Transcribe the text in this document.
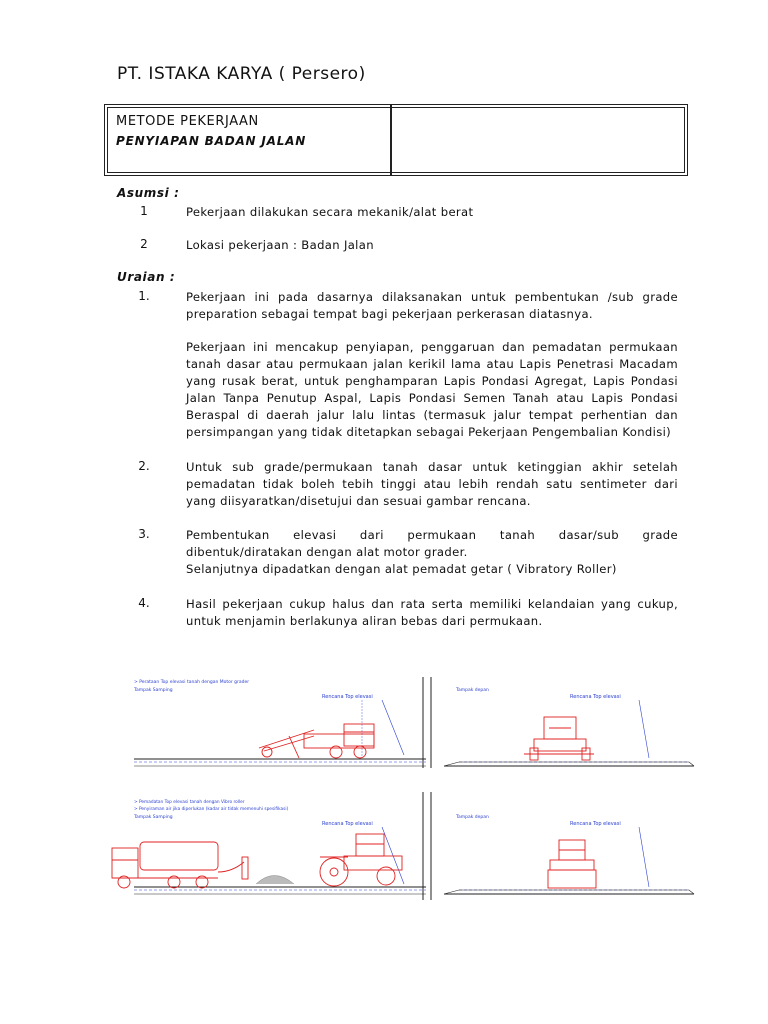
PT. ISTAKA KARYA ( Persero)
METODE PEKERJAAN
PENYIAPAN BADAN JALAN
Asumsi :
1	Pekerjaan dilakukan secara mekanik/alat berat
2	Lokasi pekerjaan : Badan Jalan
Uraian :
1.	Pekerjaan ini pada dasarnya dilaksanakan untuk pembentukan /sub grade preparation sebagai tempat bagi pekerjaan perkerasan diatasnya.
Pekerjaan ini mencakup penyiapan, penggaruan dan pemadatan permukaan tanah dasar atau permukaan jalan kerikil lama atau Lapis Penetrasi Macadam yang rusak berat, untuk penghamparan Lapis Pondasi Agregat, Lapis Pondasi Jalan Tanpa Penutup Aspal, Lapis Pondasi Semen Tanah atau Lapis Pondasi Beraspal di daerah jalur lalu lintas (termasuk jalur tempat perhentian dan persimpangan yang tidak ditetapkan sebagai Pekerjaan Pengembalian Kondisi)
2.	Untuk sub grade/permukaan tanah dasar untuk ketinggian akhir setelah pemadatan tidak boleh tebih tinggi atau lebih rendah satu sentimeter dari yang diisyaratkan/disetujui dan sesuai gambar rencana.
3.	Pembentukan elevasi dari permukaan tanah dasar/sub grade dibentuk/diratakan dengan alat motor grader.
Selanjutnya dipadatkan dengan alat pemadat getar ( Vibratory Roller)
4.	Hasil pekerjaan cukup halus dan rata serta memiliki kelandaian yang cukup, untuk menjamin berlakunya aliran bebas dari permukaan.
> Perataan Top elevasi tanah dengan Motor grader
Tampak Samping
Rencana Top elevasi
Tampak depan
Rencana Top elevasi
> Pemadatan Top elevasi tanah dengan Vibro roller
> Penyiraman air jika diperlukan (kadar air tidak memenuhi spesifikasi)
Tampak Samping
Rencana Top elevasi
Tampak depan
Rencana Top elevasi
